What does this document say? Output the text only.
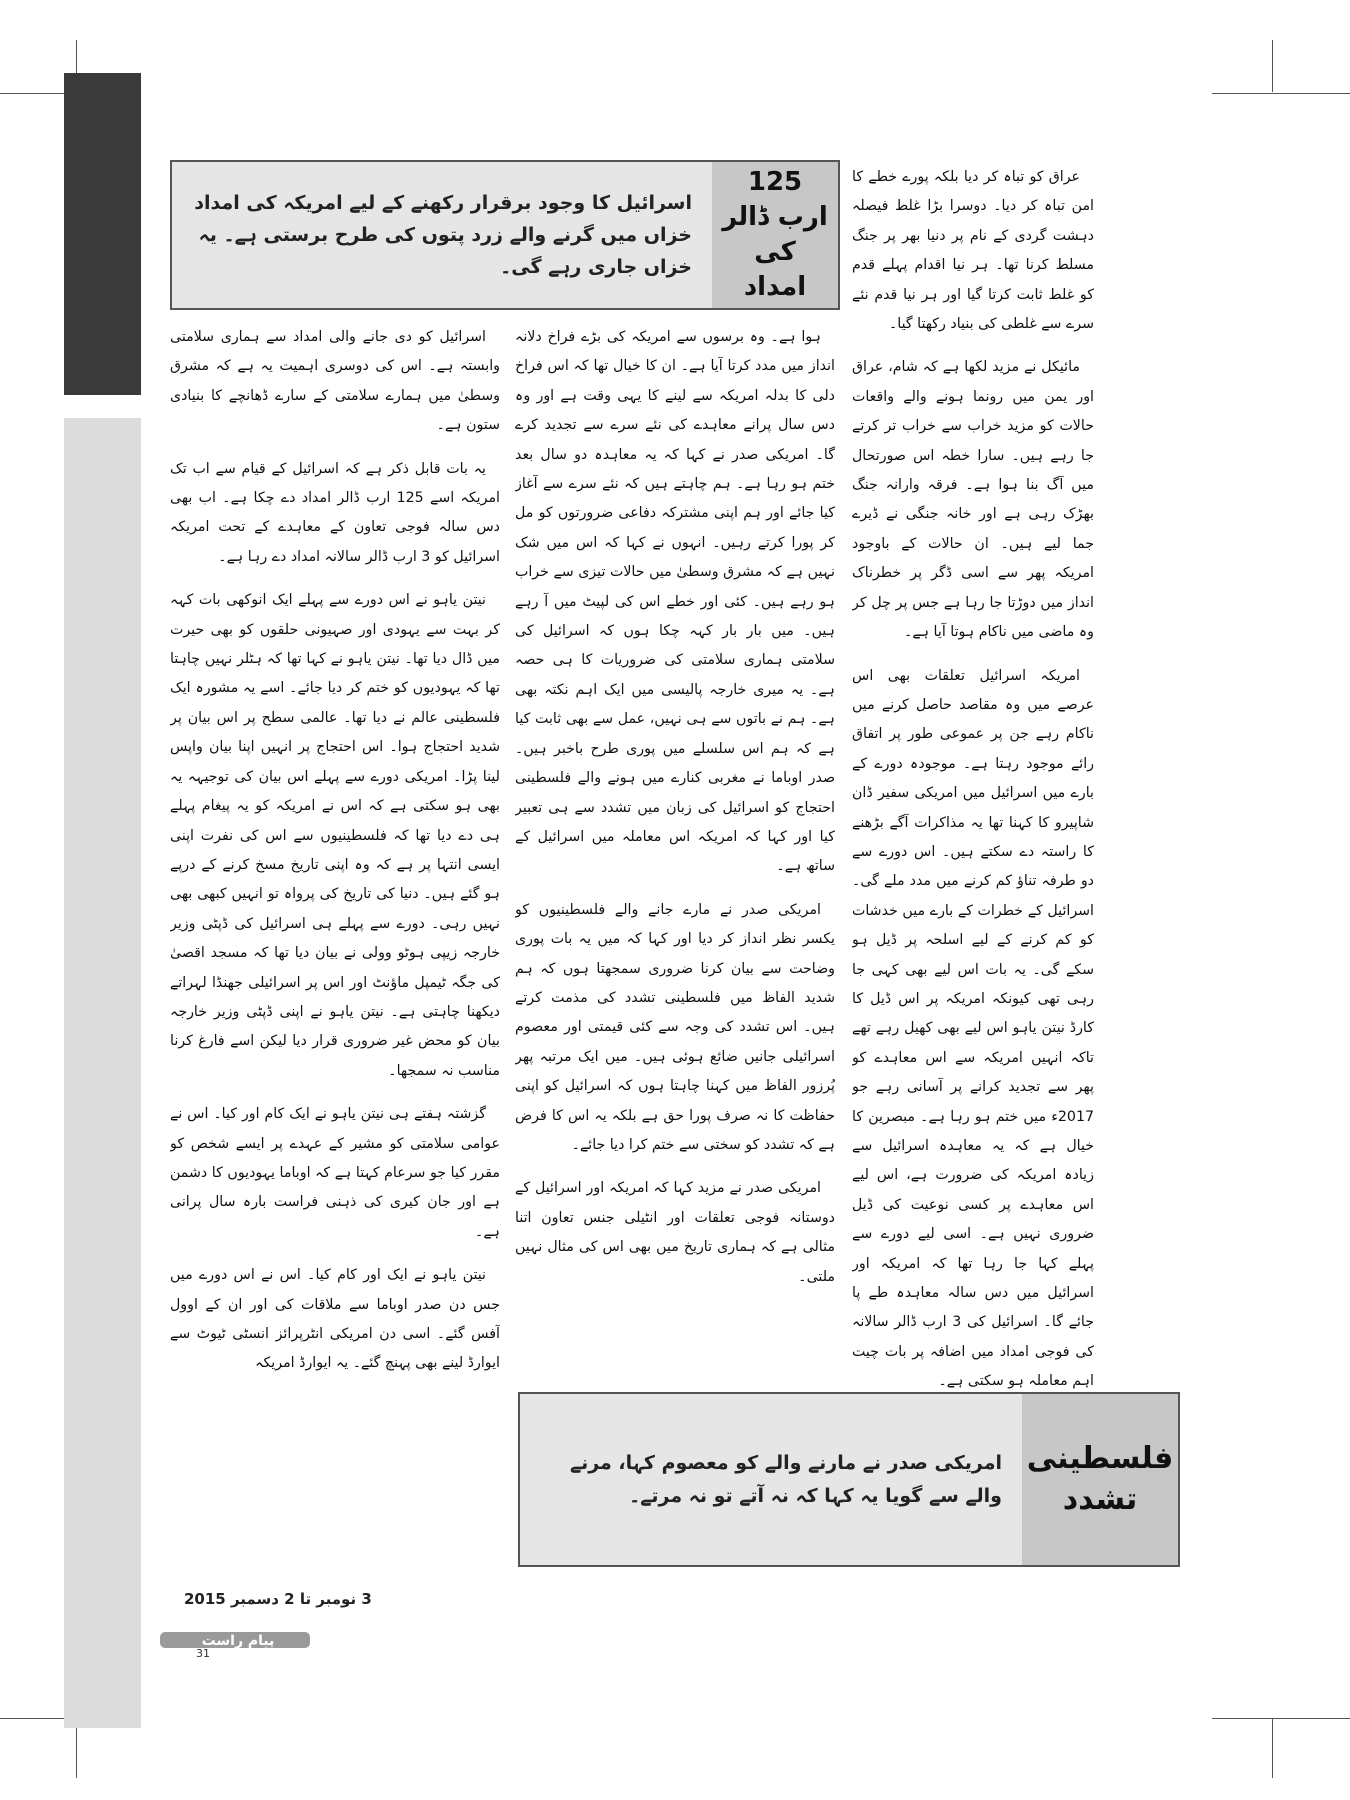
125 ارب ڈالر کی امداد
اسرائیل کا وجود برقرار رکھنے کے لیے امریکہ کی امداد خزاں میں گرنے والے زرد پتوں کی طرح برستی ہے۔ یہ خزاں جاری رہے گی۔

عراق کو تباہ کر دیا بلکہ پورے خطے کا امن تباہ کر دیا۔ دوسرا بڑا غلط فیصلہ دہشت گردی کے نام پر دنیا بھر پر جنگ مسلط کرنا تھا۔ ہر نیا اقدام پہلے قدم کو غلط ثابت کرتا گیا اور ہر نیا قدم نئے سرے سے غلطی کی بنیاد رکھتا گیا۔

مائیکل نے مزید لکھا ہے کہ شام، عراق اور یمن میں رونما ہونے والے واقعات حالات کو مزید خراب سے خراب تر کرتے جا رہے ہیں۔ سارا خطہ اس صورتحال میں آگ بنا ہوا ہے۔ فرقہ وارانہ جنگ بھڑک رہی ہے اور خانہ جنگی نے ڈیرے جما لیے ہیں۔ ان حالات کے باوجود امریکہ پھر سے اسی ڈگر پر خطرناک انداز میں دوڑتا جا رہا ہے جس پر چل کر وہ ماضی میں ناکام ہوتا آیا ہے۔

امریکہ اسرائیل تعلقات بھی اس عرصے میں وہ مقاصد حاصل کرنے میں ناکام رہے جن پر عموعی طور پر اتفاق رائے موجود رہتا ہے۔ موجودہ دورے کے بارے میں اسرائیل میں امریکی سفیر ڈان شاپیرو کا کہنا تھا یہ مذاکرات آگے بڑھنے کا راستہ دے سکتے ہیں۔ اس دورے سے دو طرفہ تناؤ کم کرنے میں مدد ملے گی۔ اسرائیل کے خطرات کے بارے میں خدشات کو کم کرنے کے لیے اسلحہ پر ڈیل ہو سکے گی۔ یہ بات اس لیے بھی کہی جا رہی تھی کیونکہ امریکہ پر اس ڈیل کا کارڈ نیتن یاہو اس لیے بھی کھیل رہے تھے تاکہ انہیں امریکہ سے اس معاہدے کو پھر سے تجدید کرانے پر آسانی رہے جو 2017ء میں ختم ہو رہا ہے۔ مبصرین کا خیال ہے کہ یہ معاہدہ اسرائیل سے زیادہ امریکہ کی ضرورت ہے، اس لیے اس معاہدے پر کسی نوعیت کی ڈیل ضروری نہیں ہے۔ اسی لیے دورے سے پہلے کہا جا رہا تھا کہ امریکہ اور اسرائیل میں دس سالہ معاہدہ طے پا جائے گا۔ اسرائیل کی 3 ارب ڈالر سالانہ کی فوجی امداد میں اضافہ پر بات چیت اہم معاملہ ہو سکتی ہے۔

ہوا ہے۔ وہ برسوں سے امریکہ کی بڑے فراخ دلانہ انداز میں مدد کرتا آیا ہے۔ ان کا خیال تھا کہ اس فراخ دلی کا بدلہ امریکہ سے لینے کا یہی وقت ہے اور وہ دس سال پرانے معاہدے کی نئے سرے سے تجدید کرے گا۔ امریکی صدر نے کہا کہ یہ معاہدہ دو سال بعد ختم ہو رہا ہے۔ ہم چاہتے ہیں کہ نئے سرے سے آغاز کیا جائے اور ہم اپنی مشترکہ دفاعی ضرورتوں کو مل کر پورا کرتے رہیں۔ انہوں نے کہا کہ اس میں شک نہیں ہے کہ مشرق وسطیٰ میں حالات تیزی سے خراب ہو رہے ہیں۔ کئی اور خطے اس کی لپیٹ میں آ رہے ہیں۔ میں بار بار کہہ چکا ہوں کہ اسرائیل کی سلامتی ہماری سلامتی کی ضروریات کا ہی حصہ ہے۔ یہ میری خارجہ پالیسی میں ایک اہم نکتہ بھی ہے۔ ہم نے باتوں سے ہی نہیں، عمل سے بھی ثابت کیا ہے کہ ہم اس سلسلے میں پوری طرح باخبر ہیں۔ صدر اوباما نے مغربی کنارے میں ہونے والے فلسطینی احتجاج کو اسرائیل کی زبان میں تشدد سے ہی تعبیر کیا اور کہا کہ امریکہ اس معاملہ میں اسرائیل کے ساتھ ہے۔

امریکی صدر نے مارے جانے والے فلسطینیوں کو یکسر نظر انداز کر دیا اور کہا کہ میں یہ بات پوری وضاحت سے بیان کرنا ضروری سمجھتا ہوں کہ ہم شدید الفاظ میں فلسطینی تشدد کی مذمت کرتے ہیں۔ اس تشدد کی وجہ سے کئی قیمتی اور معصوم اسرائیلی جانیں ضائع ہوئی ہیں۔ میں ایک مرتبہ پھر پُرزور الفاظ میں کہنا چاہتا ہوں کہ اسرائیل کو اپنی حفاظت کا نہ صرف پورا حق ہے بلکہ یہ اس کا فرض ہے کہ تشدد کو سختی سے ختم کرا دیا جائے۔

امریکی صدر نے مزید کہا کہ امریکہ اور اسرائیل کے دوستانہ فوجی تعلقات اور انٹیلی جنس تعاون اتنا مثالی ہے کہ ہماری تاریخ میں بھی اس کی مثال نہیں ملتی۔

اسرائیل کو دی جانے والی امداد سے ہماری سلامتی وابستہ ہے۔ اس کی دوسری اہمیت یہ ہے کہ مشرق وسطیٰ میں ہمارے سلامتی کے سارے ڈھانچے کا بنیادی ستون ہے۔

یہ بات قابل ذکر ہے کہ اسرائیل کے قیام سے اب تک امریکہ اسے 125 ارب ڈالر امداد دے چکا ہے۔ اب بھی دس سالہ فوجی تعاون کے معاہدے کے تحت امریکہ اسرائیل کو 3 ارب ڈالر سالانہ امداد دے رہا ہے۔

نیتن یاہو نے اس دورے سے پہلے ایک انوکھی بات کہہ کر بہت سے یہودی اور صہیونی حلقوں کو بھی حیرت میں ڈال دیا تھا۔ نیتن یاہو نے کہا تھا کہ ہٹلر نہیں چاہتا تھا کہ یہودیوں کو ختم کر دیا جائے۔ اسے یہ مشورہ ایک فلسطینی عالم نے دیا تھا۔ عالمی سطح پر اس بیان پر شدید احتجاج ہوا۔ اس احتجاج پر انہیں اپنا بیان واپس لینا پڑا۔ امریکی دورے سے پہلے اس بیان کی توجیہہ یہ بھی ہو سکتی ہے کہ اس نے امریکہ کو یہ پیغام پہلے ہی دے دیا تھا کہ فلسطینیوں سے اس کی نفرت اپنی ایسی انتہا پر ہے کہ وہ اپنی تاریخ مسخ کرنے کے درپے ہو گئے ہیں۔ دنیا کی تاریخ کی پرواہ تو انہیں کبھی بھی نہیں رہی۔ دورے سے پہلے ہی اسرائیل کی ڈپٹی وزیر خارجہ زیپی ہوٹو وولی نے بیان دیا تھا کہ مسجد اقصیٰ کی جگہ ٹیمپل ماؤنٹ اور اس پر اسرائیلی جھنڈا لہراتے دیکھنا چاہتی ہے۔ نیتن یاہو نے اپنی ڈپٹی وزیر خارجہ بیان کو محض غیر ضروری قرار دیا لیکن اسے فارغ کرنا مناسب نہ سمجھا۔

گزشتہ ہفتے ہی نیتن یاہو نے ایک کام اور کیا۔ اس نے عوامی سلامتی کو مشیر کے عہدے پر ایسے شخص کو مقرر کیا جو سرعام کہتا ہے کہ اوباما یہودیوں کا دشمن ہے اور جان کیری کی ذہنی فراست بارہ سال پرانی ہے۔

نیتن یاہو نے ایک اور کام کیا۔ اس نے اس دورے میں جس دن صدر اوباما سے ملاقات کی اور ان کے اوول آفس گئے۔ اسی دن امریکی انٹرپرائز انسٹی ٹیوٹ سے ایوارڈ لینے بھی پہنچ گئے۔ یہ ایوارڈ امریکہ

فلسطینی تشدد
امریکی صدر نے مارنے والے کو معصوم کہا، مرنے والے سے گویا یہ کہا کہ نہ آتے تو نہ مرتے۔
3 نومبر تا 2 دسمبر 2015
پیامِ راست
31
